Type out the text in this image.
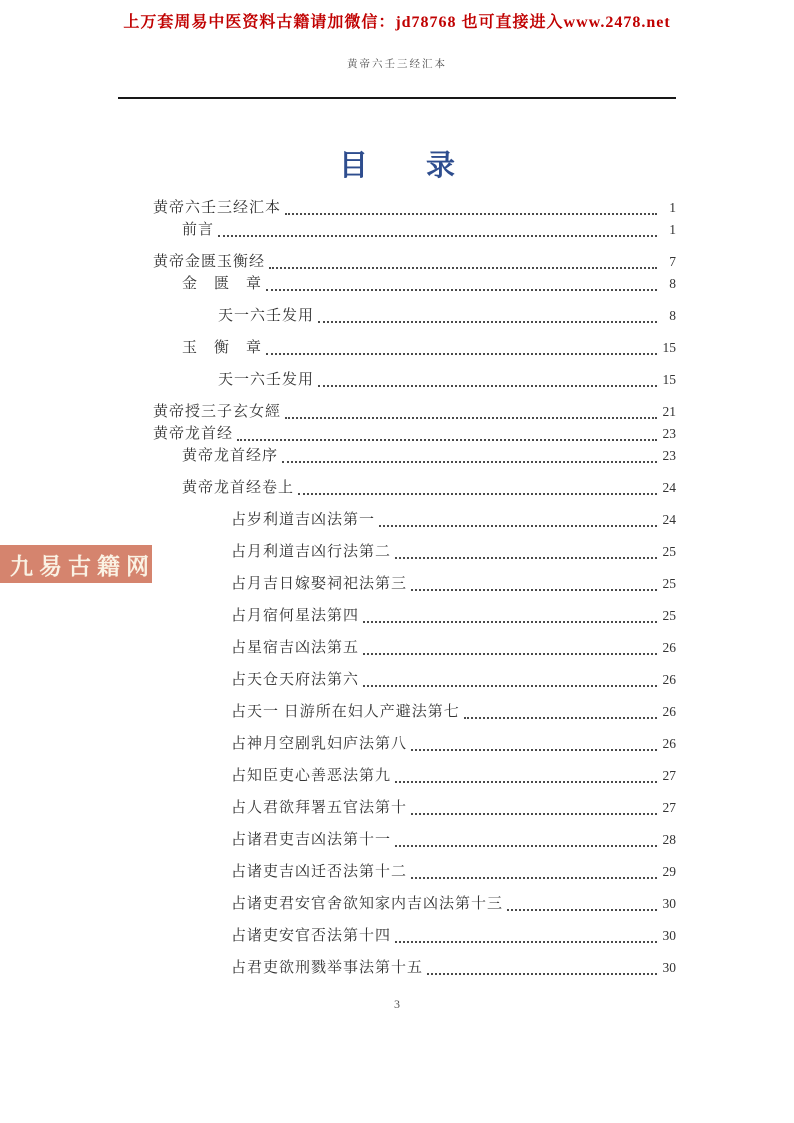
上万套周易中医资料古籍请加微信：jd78768 也可直接进入www.2478.net
黄帝六壬三经汇本
目　　录
黄帝六壬三经汇本	1
前言	1
黄帝金匮玉衡经	7
金　匮　章	8
天一六壬发用	8
玉　衡　章	15
天一六壬发用	15
黄帝授三子玄女經	21
黄帝龙首经	23
黄帝龙首经序	23
黄帝龙首经卷上	24
占岁利道吉凶法第一	24
占月利道吉凶行法第二	25
占月吉日嫁娶祠祀法第三	25
占月宿何星法第四	25
占星宿吉凶法第五	26
占天仓天府法第六	26
占天一 日游所在妇人产避法第七	26
占神月空剧乳妇庐法第八	26
占知臣吏心善恶法第九	27
占人君欲拜署五官法第十	27
占诸君吏吉凶法第十一	28
占诸吏吉凶迁否法第十二	29
占诸吏君安官舍欲知家内吉凶法第十三	30
占诸吏安官否法第十四	30
占君吏欲刑戮举事法第十五	30
3
九易古籍网
